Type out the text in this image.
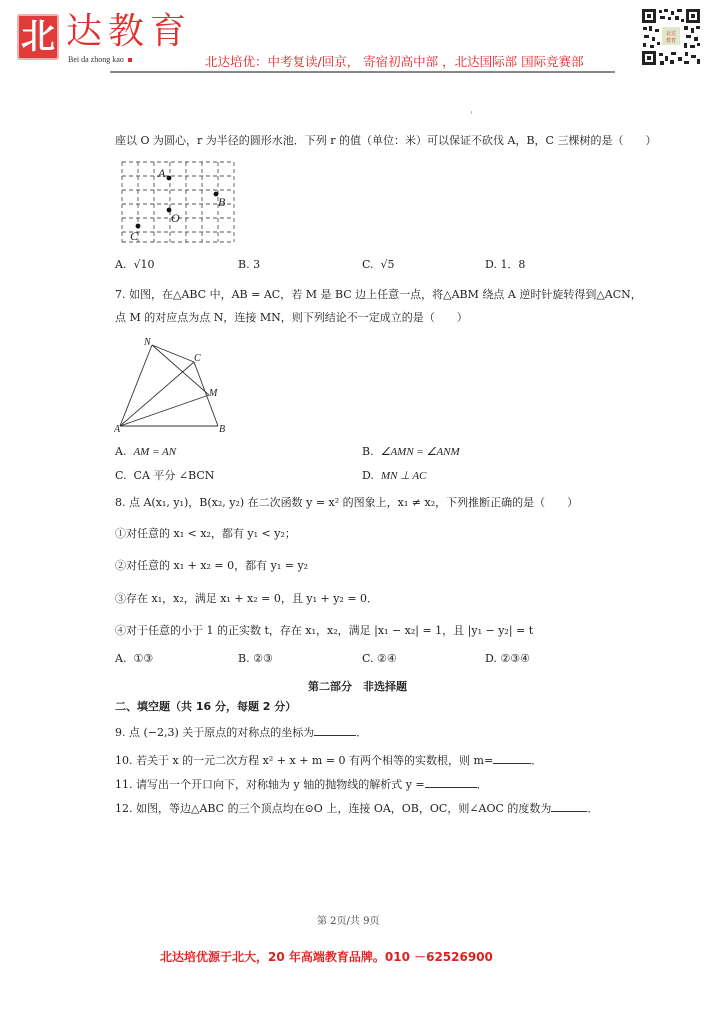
北 达教育
Bei da zhong kao	北达培优：中考复读/回京， 寄宿初高中部 ，北达国际部 国际竞赛部
北达
教育
座以 O 为圆心，r 为半径的圆形水池．下列 r 的值（单位：米）可以保证不砍伐 A，B，C 三棵树的是（　　）
A
B
O
C
A. √10	B. 3	C. √5	D. 1．8
7. 如图，在△ABC 中，AB = AC，若 M 是 BC 边上任意一点，将△ABM 绕点 A 逆时针旋转得到△ACN，
点 M 的对应点为点 N，连接 MN，则下列结论不一定成立的是（　　）
N
C
M
A	B
A. AM = AN	B. ∠AMN = ∠ANM
C. CA 平分 ∠BCN	D. MN ⊥ AC
8. 点 A(x₁, y₁)，B(x₂, y₂) 在二次函数 y = x² 的图象上，x₁ ≠ x₂，下列推断正确的是（　　）
①对任意的 x₁ < x₂，都有 y₁ < y₂；
②对任意的 x₁ + x₂ = 0，都有 y₁ = y₂
③存在 x₁，x₂，满足 x₁ + x₂ = 0，且 y₁ + y₂ = 0．
④对于任意的小于 1 的正实数 t，存在 x₁，x₂，满足 |x₁ − x₂| = 1，且 |y₁ − y₂| = t
A. ①③	B. ②③	C. ②④	D. ②③④
第二部分　非选择题
二、填空题（共 16 分，每题 2 分）
9. 点 (−2,3) 关于原点的对称点的坐标为	．
10. 若关于 x 的一元二次方程 x² + x + m = 0 有两个相等的实数根，则 m=	．
11. 请写出一个开口向下，对称轴为 y 轴的抛物线的解析式 y =	．
12. 如图，等边△ABC 的三个顶点均在⊙O 上，连接 OA，OB，OC，则∠AOC 的度数为	．
第 2页/共 9页
北达培优源于北大，20 年高端教育品牌。010 －62526900
